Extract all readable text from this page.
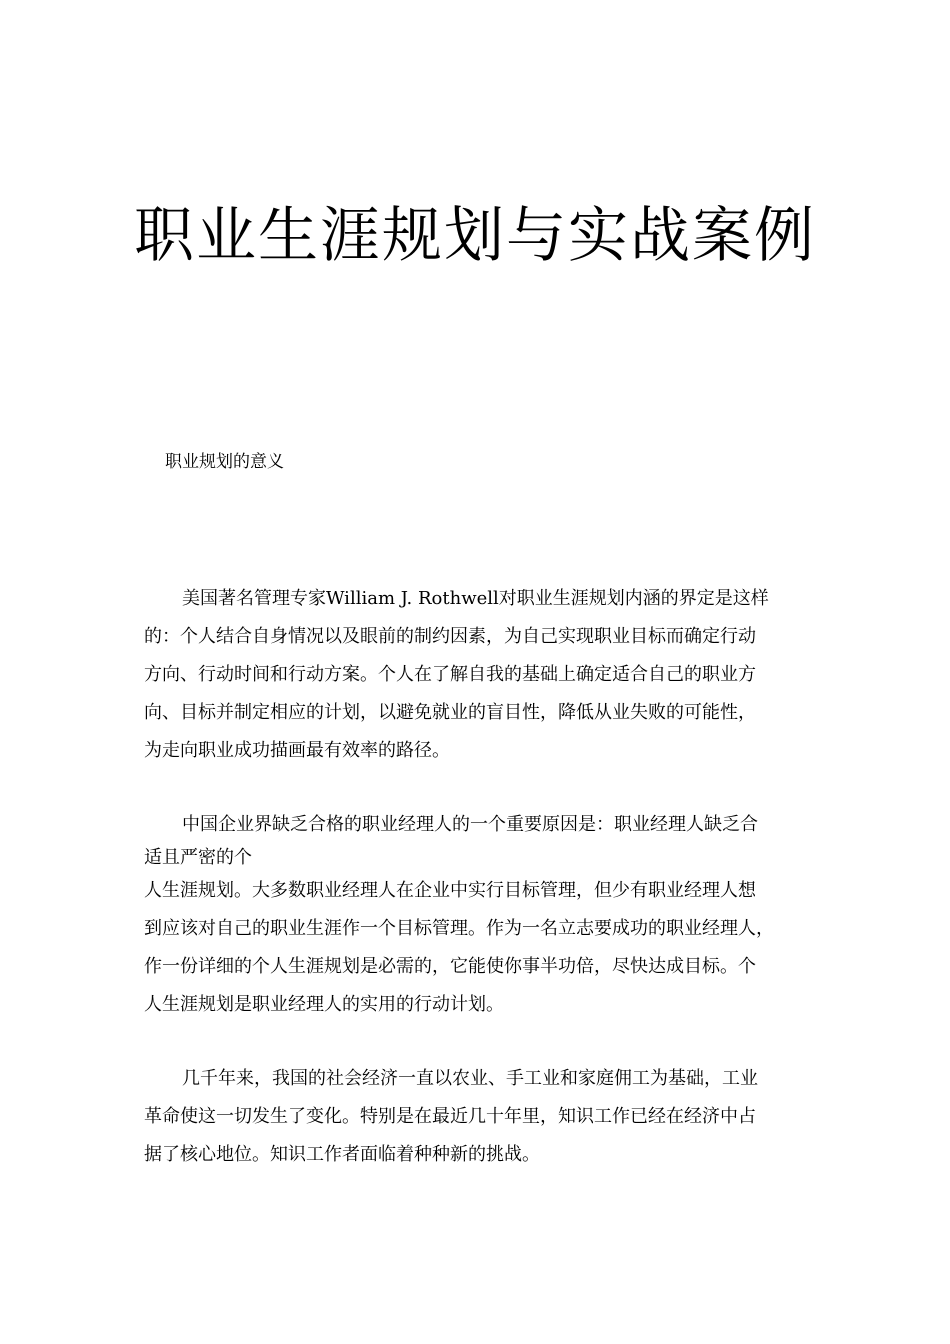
职业生涯规划与实战案例
职业规划的意义

美国著名管理专家William J. Rothwell对职业生涯规划内涵的界定是这样
的：个人结合自身情况以及眼前的制约因素，为自己实现职业目标而确定行动
方向、行动时间和行动方案。个人在了解自我的基础上确定适合自己的职业方
向、目标并制定相应的计划，以避免就业的盲目性，降低从业失败的可能性，
为走向职业成功描画最有效率的路径。

中国企业界缺乏合格的职业经理人的一个重要原因是：职业经理人缺乏合
适且严密的个
人生涯规划。大多数职业经理人在企业中实行目标管理，但少有职业经理人想
到应该对自己的职业生涯作一个目标管理。作为一名立志要成功的职业经理人，
作一份详细的个人生涯规划是必需的，它能使你事半功倍，尽快达成目标。个
人生涯规划是职业经理人的实用的行动计划。

几千年来，我国的社会经济一直以农业、手工业和家庭佣工为基础，工业
革命使这一切发生了变化。特别是在最近几十年里，知识工作已经在经济中占
据了核心地位。知识工作者面临着种种新的挑战。
